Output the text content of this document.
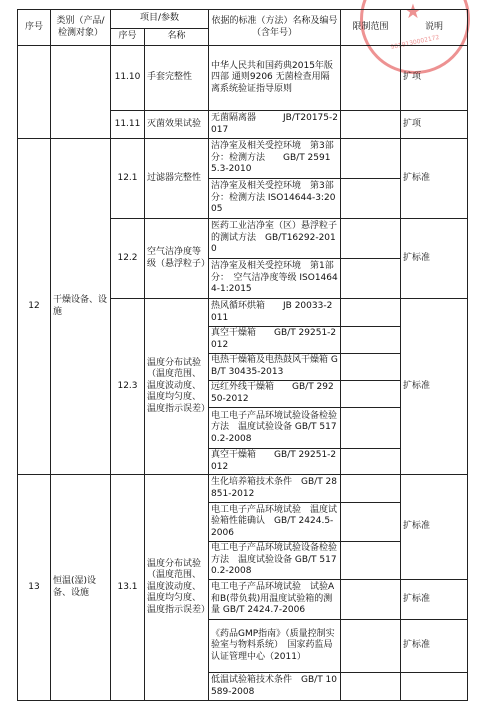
★
9019130002172
序号	类别（产品/检测对象）	项目/参数		依据的标准（方法）名称及编号（含年号）	限制范围	说明
		序号	名称			
		11.10	手套完整性	中华人民共和国药典2015年版 四部 通则9206 无菌检查用隔离系统验证指导原则		扩项
		11.11	灭菌效果试验	无菌隔离器　　　JB/T20175-2017		扩项
12	干燥设备、设施	12.1	过滤器完整性	洁净室及相关受控环境　第3部分：检测方法　　GB/T 25915.3-2010		扩标准
				洁净室及相关受控环境　第3部分：检测方法 ISO14644-3:2005		
		12.2	空气洁净度等级（悬浮粒子）	医药工业洁净室（区）悬浮粒子的测试方法　GB/T16292-2010		扩标准
				洁净室及相关受控环境　第1部分：　空气洁净度等级 ISO14644-1:2015		
		12.3	温度分布试验（温度范围、温度波动度、温度均匀度、温度指示误差）	热风循环烘箱　　JB 20033-2011		扩标准
				真空干燥箱　　GB/T 29251-2012		
				电热干燥箱及电热鼓风干燥箱 GB/T 30435-2013		
				远红外线干燥箱　　GB/T 29250-2012		
				电工电子产品环境试验设备检验方法　温度试验设备 GB/T 5170.2-2008		

				真空干燥箱　　GB/T 29251-2012		
13	恒温(湿)设备、设施	13.1	温度分布试验（温度范围、温度波动度、温度均匀度、温度指示误差）	生化培养箱技术条件　GB/T 28851-2012		扩标准
				电工电子产品环境试验　温度试验箱性能确认　GB/T 2424.5-2006		
				电工电子产品环境试验设备检验方法　温度试验设备 GB/T 5170.2-2008		
				电工电子产品环境试验　试验A和B(带负载)用温度试验箱的测量 GB/T 2424.7-2006		扩标准
				《药品GMP指南》（质量控制实验室与物料系统）　国家药监局认证管理中心（2011）		扩标准
				低温试验箱技术条件　GB/T 10589-2008		
